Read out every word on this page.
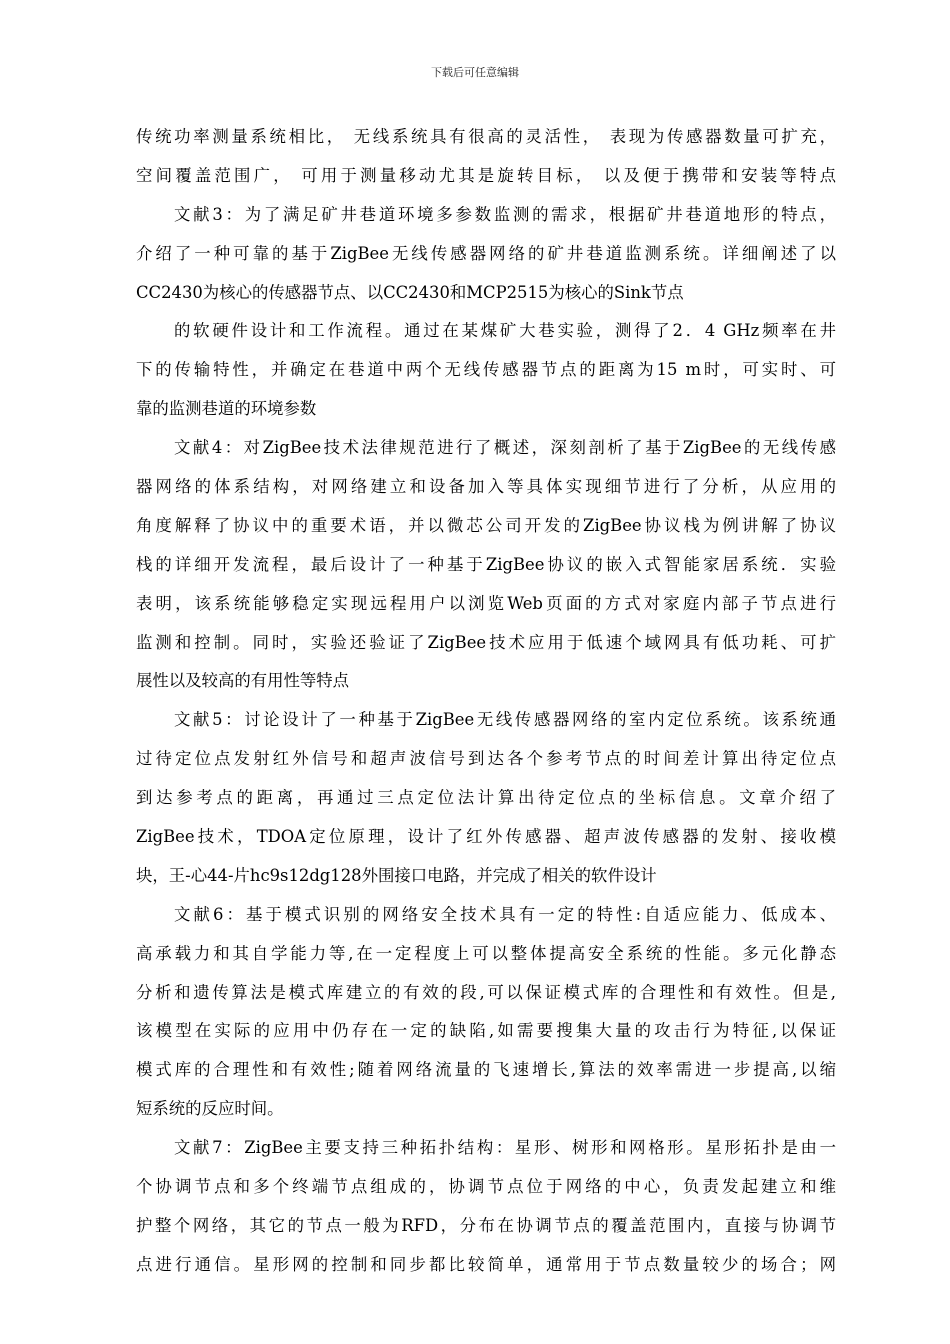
下载后可任意编辑
传统功率测量系统相比， 无线系统具有很高的灵活性， 表现为传感器数量可扩充，
空间覆盖范围广， 可用于测量移动尤其是旋转目标， 以及便于携带和安装等特点
文献3：为了满足矿井巷道环境多参数监测的需求，根据矿井巷道地形的特点，
介绍了一种可靠的基于ZigBee无线传感器网络的矿井巷道监测系统。详细阐述了以
CC2430为核心的传感器节点、以CC2430和MCP2515为核心的Sink节点
的软硬件设计和工作流程。通过在某煤矿大巷实验，测得了2．4 GHz频率在井
下的传输特性，并确定在巷道中两个无线传感器节点的距离为15 m时，可实时、可
靠的监测巷道的环境参数
文献4：对ZigBee技术法律规范进行了概述，深刻剖析了基于ZigBee的无线传感
器网络的体系结构，对网络建立和设备加入等具体实现细节进行了分析，从应用的
角度解释了协议中的重要术语，并以微芯公司开发的ZigBee协议栈为例讲解了协议
栈的详细开发流程，最后设计了一种基于ZigBee协议的嵌入式智能家居系统．实验
表明，该系统能够稳定实现远程用户以浏览Web页面的方式对家庭内部子节点进行
监测和控制。同时，实验还验证了ZigBee技术应用于低速个域网具有低功耗、可扩
展性以及较高的有用性等特点
文献5：讨论设计了一种基于ZigBee无线传感器网络的室内定位系统。该系统通
过待定位点发射红外信号和超声波信号到达各个参考节点的时间差计算出待定位点
到达参考点的距离，再通过三点定位法计算出待定位点的坐标信息。文章介绍了
ZigBee技术，TDOA定位原理，设计了红外传感器、超声波传感器的发射、接收模
块，王-心44-片hc9s12dg128外围接口电路，并完成了相关的软件设计
文献6：基于模式识别的网络安全技术具有一定的特性:自适应能力、低成本、
高承载力和其自学能力等,在一定程度上可以整体提高安全系统的性能。多元化静态
分析和遗传算法是模式库建立的有效的段,可以保证模式库的合理性和有效性。但是,
该模型在实际的应用中仍存在一定的缺陷,如需要搜集大量的攻击行为特征,以保证
模式库的合理性和有效性;随着网络流量的飞速增长,算法的效率需进一步提高,以缩
短系统的反应时间。
文献7：ZigBee主要支持三种拓扑结构：星形、树形和网格形。星形拓扑是由一
个协调节点和多个终端节点组成的，协调节点位于网络的中心，负责发起建立和维
护整个网络，其它的节点一般为RFD，分布在协调节点的覆盖范围内，直接与协调节
点进行通信。星形网的控制和同步都比较简单，通常用于节点数量较少的场合；网
